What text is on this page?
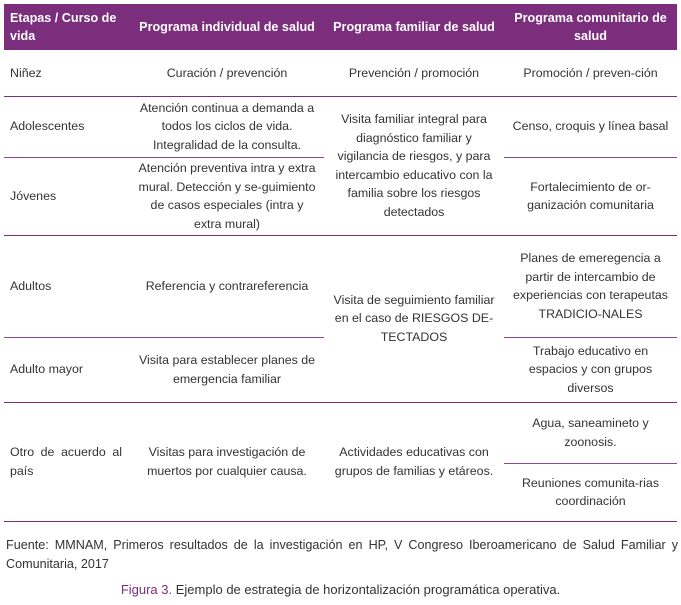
Etapas / Curso de vida	Programa individual de salud	Programa familiar de salud	Programa comunitario de salud
Niñez	Curación / prevención	Prevención / promoción	Promoción / preven-ción
Adolescentes	Atención continua a demanda a todos los ciclos de vida. Integralidad de la consulta.	Visita familiar integral para diagnóstico familiar y vigilancia de riesgos, y para intercambio educativo con la familia sobre los riesgos detectados	Censo, croquis y línea basal
Jóvenes	Atención preventiva intra y extra mural. Detección y se-guimiento de casos especiales (intra y extra mural)		Fortalecimiento de or-ganización comunitaria
Adultos	Referencia y contrareferencia	Visita de seguimiento familiar en el caso de RIESGOS DE-TECTADOS	Planes de emeregencia a partir de intercambio de experiencias con terapeutas TRADICIO-NALES
Adulto mayor	Visita para establecer planes de emergencia familiar		Trabajo educativo en espacios y con grupos diversos

Otro de acuerdo al país	Visitas para investigación de muertos por cualquier causa.	Actividades educativas con grupos de familias y etáreos.	Agua, saneamineto y zoonosis.
			Reuniones comunita-rias coordinación
Fuente: MMNAM, Primeros resultados de la investigación en HP, V Congreso Iberoamericano de Salud Familiar y Comunitaria, 2017
Figura 3. Ejemplo de estrategia de horizontalización programática operativa.
